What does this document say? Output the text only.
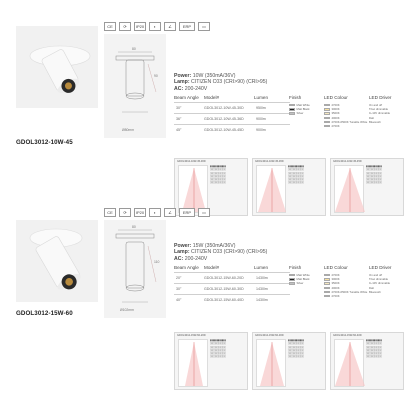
GDOL3012-10W-45
CE	⟳	IP20	◐	∠	ERP	▭
80
90
Ø80mm
Power: 10W (350mA/36V)
Lamp: CITIZEN C03 (CRI>90) (CRI>95)
AC: 200-240V
Beam Angle Model#	Lumen	Finish	LED Colour	LED Driver
30°	GDOL3012-10W-45-30D	950lm
36°	GDOL3012-10W-45-36D	900lm
45°	GDOL3012-10W-45-45D	900lm
Matt White
Matt Black
Silver
2700K
3000K
3500K
4000K
2700K-6500K Tunable White
2700K
On and off
Triac dimmable
0~10V dimmable
Dali
Bluetooth
GDOL3012-10W-45-30D
▮▮▮▮▮▮▮▮▮▮▮▮
▯▯▯▯▯▯▯▯▯▯▯▯
▯▯▯▯▯▯▯▯▯▯▯▯
▯▯▯▯▯▯▯▯▯▯▯▯
▯▯▯▯▯▯▯▯▯▯▯▯
▯▯▯▯▯▯▯▯▯▯▯▯
GDOL3012-10W-45-36D
▮▮▮▮▮▮▮▮▮▮▮▮
▯▯▯▯▯▯▯▯▯▯▯▯
▯▯▯▯▯▯▯▯▯▯▯▯
▯▯▯▯▯▯▯▯▯▯▯▯
▯▯▯▯▯▯▯▯▯▯▯▯
▯▯▯▯▯▯▯▯▯▯▯▯
GDOL3012-10W-45-45D
▮▮▮▮▮▮▮▮▮▮▮▮
▯▯▯▯▯▯▯▯▯▯▯▯
▯▯▯▯▯▯▯▯▯▯▯▯
▯▯▯▯▯▯▯▯▯▯▯▯
▯▯▯▯▯▯▯▯▯▯▯▯
▯▯▯▯▯▯▯▯▯▯▯▯
GDOL3012-15W-60
CE	⟳	IP20	◐	∠	ERP	▭
80
110
Ø102mm
Power: 15W (350mA/36V)
Lamp: CITIZEN C03 (CRI>90) (CRI>95)
AC: 200-240V
Beam Angle Model#	Lumen	Finish	LED Colour	LED Driver
20°	GDOL3012-15W-60-20D	1430lm
30°	GDOL3012-15W-60-30D	1430lm
40°	GDOL3012-15W-60-40D	1430lm
Matt White
Matt Black
Silver
2700K
3000K
3500K
4000K
2700K-6500K Tunable White
2700K
On and off
Triac dimmable
0~10V dimmable
Dali
Bluetooth
GDOL3012-15W-60-20D
▮▮▮▮▮▮▮▮▮▮▮▮
▯▯▯▯▯▯▯▯▯▯▯▯
▯▯▯▯▯▯▯▯▯▯▯▯
▯▯▯▯▯▯▯▯▯▯▯▯
▯▯▯▯▯▯▯▯▯▯▯▯
▯▯▯▯▯▯▯▯▯▯▯▯
GDOL3012-15W-60-30D
▮▮▮▮▮▮▮▮▮▮▮▮
▯▯▯▯▯▯▯▯▯▯▯▯
▯▯▯▯▯▯▯▯▯▯▯▯
▯▯▯▯▯▯▯▯▯▯▯▯
▯▯▯▯▯▯▯▯▯▯▯▯
▯▯▯▯▯▯▯▯▯▯▯▯
GDOL3012-15W-60-40D
▮▮▮▮▮▮▮▮▮▮▮▮
▯▯▯▯▯▯▯▯▯▯▯▯
▯▯▯▯▯▯▯▯▯▯▯▯
▯▯▯▯▯▯▯▯▯▯▯▯
▯▯▯▯▯▯▯▯▯▯▯▯
▯▯▯▯▯▯▯▯▯▯▯▯
